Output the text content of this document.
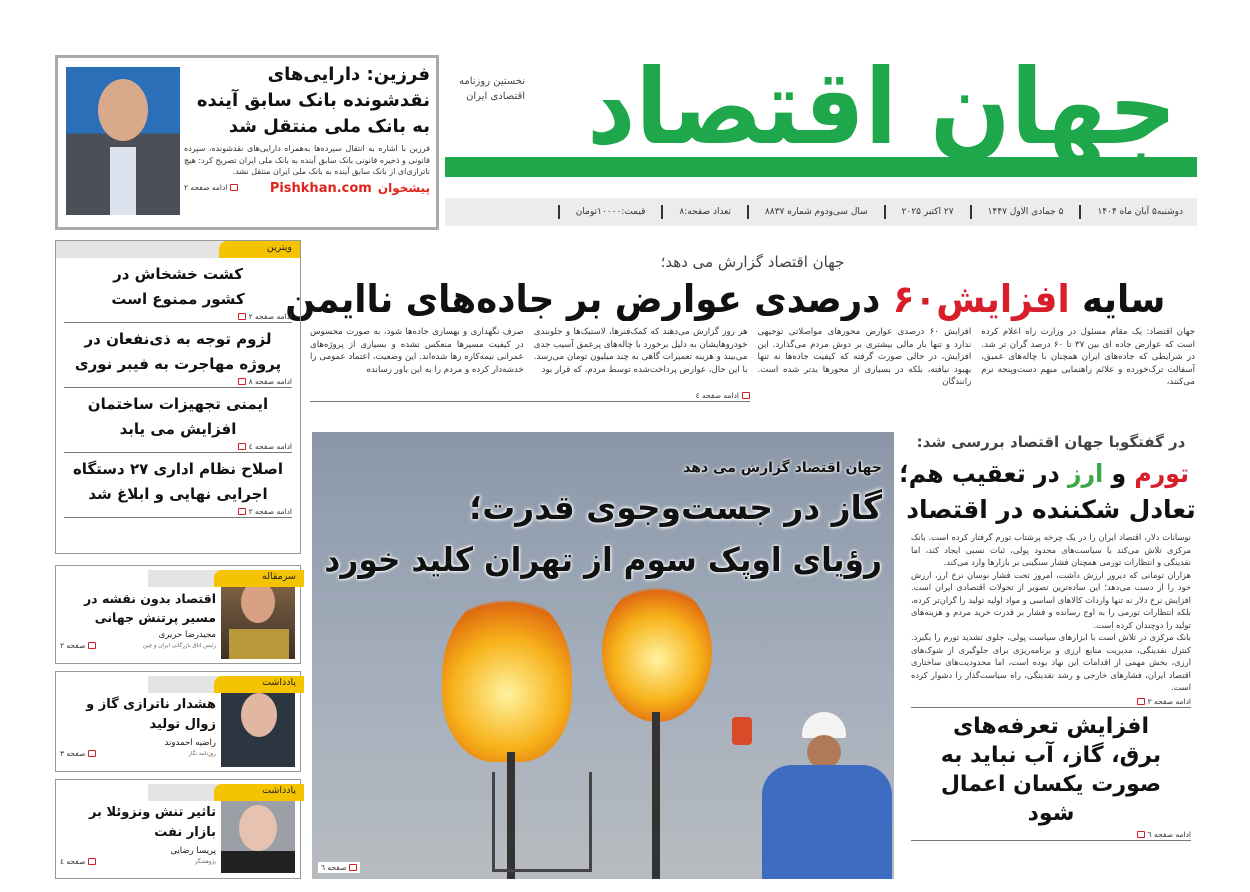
فرزین: دارایی‌های نقدشونده بانک سابق آینده به بانک ملی منتقل شد
فرزین با اشاره به انتقال سپرده‌ها به‌همراه دارایی‌های نقدشونده، سپرده قانونی و ذخیره قانونی بانک سابق آینده به بانک ملی ایران تصریح کرد: هیچ ناترازی‌ای از بانک سابق آینده به بانک ملی ایران منتقل نشد.
ادامه صفحه ۲	پیشخوان
Pishkhan.com
جهان اقتصاد
نخستین روزنامه
اقتصادی ایران
دوشنبه۵ آبان ماه ۱۴۰۴
۵ جمادی الاول ۱۴۴۷
۲۷ اکتبر ۲۰۲۵
سال سی‌ودوم شماره ۸۸۳۷
تعداد صفحه:۸
قیمت:۱۰۰۰۰تومان
جهان اقتصاد گزارش می دهد؛
سایه افزایش۶۰ درصدی عوارض بر جاده‌های ناایمن
جهان اقتصاد: یک مقام مسئول در وزارت راه اعلام کرده است که عوارض جاده ای بین ۳۷ تا ۶۰ درصد گران تر شد. در شرایطی که جاده‌های ایران همچنان با چاله‌های عمیق، آسفالت ترک‌خورده و علائم راهنمایی مبهم دست‌وپنجه نرم می‌کنند،
افزایش ۶۰ درصدی عوارض محورهای مواصلاتی توجیهی ندارد و تنها بار مالی بیشتری بر دوش مردم می‌گذارد. این افزایش، در حالی صورت گرفته که کیفیت جاده‌ها نه تنها بهبود نیافته، بلکه در بسیاری از محورها بدتر شده است. رانندگان
هر روز گزارش می‌دهند که کمک‌فنرها، لاستیک‌ها و جلوبندی خودروهایشان به دلیل برخورد با چاله‌های پرعمق آسیب جدی می‌بیند و هزینه تعمیرات گاهی به چند میلیون تومان می‌رسد. با این حال، عوارض پرداخت‌شده توسط مردم، که قرار بود
صرف نگهداری و بهسازی جاده‌ها شود، به صورت محسوس در کیفیت مسیرها منعکس نشده و بسیاری از پروژه‌های عمرانی نیمه‌کاره رها شده‌اند. این وضعیت، اعتماد عمومی را خدشه‌دار کرده و مردم را به این باور رسانده
ادامه صفحه ٤
ویترین
کشت خشخاش در کشور ممنوع است
ادامه صفحه ۲
لزوم توجه به ذی‌نفعان در پروژه مهاجرت به فیبر نوری
ادامه صفحه ۸
ایمنی تجهیزات ساختمان افزایش می یابد
ادامه صفحه ٤
اصلاح نظام اداری ۲۷ دستگاه اجرایی نهایی و ابلاغ شد
ادامه صفحه ۲
سرمقاله
اقتصاد بدون نقشه در مسیر پرتنش جهانی
مجیدرضا حریری
رئیس اتاق بازرگانی ایران و چین
صفحه ۲
یادداشت
هشدار ناترازی گاز و زوال تولید
راضیه احمدوند
روزنامه نگار
صفحه ۳
یادداشت
تاثیر تنش ونزوئلا بر بازار نفت
پریسا رضایی
پژوهشگر
صفحه ٤
جهان اقتصاد گزارش می دهد
گاز در جست‌وجوی قدرت؛
رؤیای اوپک سوم از تهران کلید خورد
صفحه ٦
در گفتگوبا جهان اقتصاد بررسی شد:
تورم و ارز در تعقیب هم؛
تعادل شکننده در اقتصاد

نوسانات دلار، اقتصاد ایران را در یک چرخه پرشتاب تورم گرفتار کرده است. بانک مرکزی تلاش می‌کند با سیاست‌های محدود پولی، ثبات نسبی ایجاد کند، اما نقدینگی و انتظارات تورمی همچنان فشار سنگینی بر بازارها وارد می‌کند.

هزاران تومانی که دیروز ارزش داشت، امروز تحت فشار نوسان نرخ ارز، ارزش خود را از دست می‌دهد؛ این ساده‌ترین تصویر از تحولات اقتصادی ایران است. افزایش نرخ دلار نه تنها واردات کالاهای اساسی و مواد اولیه تولید را گران‌تر کرده، بلکه انتظارات تورمی را به اوج رسانده و فشار بر قدرت خرید مردم و هزینه‌های تولید را دوچندان کرده است.

بانک مرکزی در تلاش است با ابزارهای سیاست پولی، جلوی تشدید تورم را بگیرد. کنترل نقدینگی، مدیریت منابع ارزی و برنامه‌ریزی برای جلوگیری از شوک‌های ارزی، بخش مهمی از اقدامات این نهاد بوده است، اما محدودیت‌های ساختاری اقتصاد ایران، فشارهای خارجی و رشد نقدینگی، راه سیاست‌گذار را دشوار کرده است.

ادامه صفحه ۲
افزایش تعرفه‌های برق، گاز، آب نباید به صورت یکسان اعمال شود
ادامه صفحه ٦
